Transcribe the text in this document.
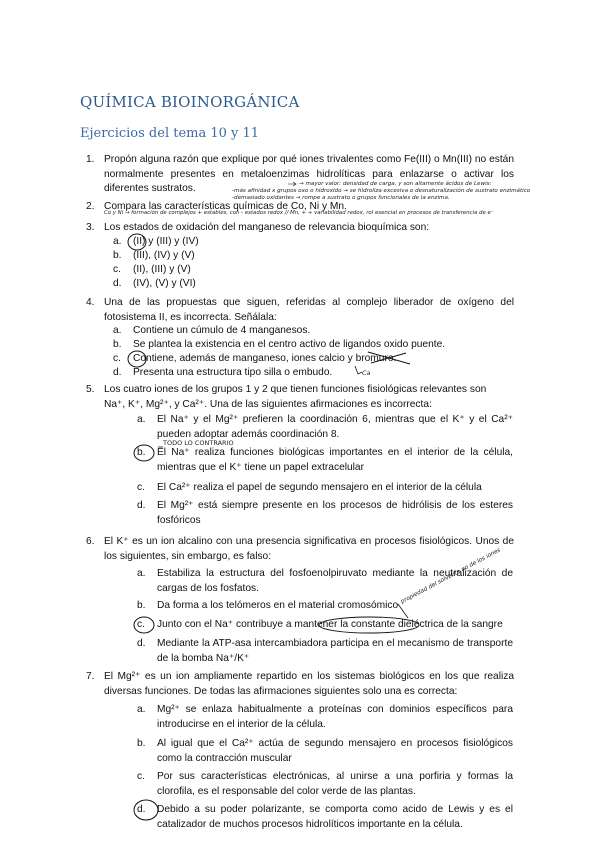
QUÍMICA BIOINORGÁNICA
Ejercicios del tema 10 y 11
1. Propón alguna razón que explique por qué iones trivalentes como Fe(III) o Mn(III) no están normalmente presentes en metaloenzimas hidrolíticas para enlazarse o activar los diferentes sustratos.	→ mayor valor: densidad de carga, y son altamente ácidos de Lewis:
-más afinidad x grupos oxo o hidroxido → se hidroliza excesiva o desnaturalización de sustrato enzimático
-demasiado oxidantes → rompe a sustrato o grupos funcionales de la enzima.
2. Compara las características químicas de Co, Ni y Mn.
Co y Ni → formación de complejos + estables, con - estados redox // Mn, + + variabilidad redox, rol esencial en procesos de transferencia de e⁻
3. Los estados de oxidación del manganeso de relevancia bioquímica son:
a. (II) y (III) y (IV)
b. (III), (IV) y (V)
c. (II), (III) y (V)
d. (IV), (V) y (VI)
4. Una de las propuestas que siguen, referidas al complejo liberador de oxígeno del fotosistema II, es incorrecta. Señálala:
a. Contiene un cúmulo de 4 manganesos.
b. Se plantea la existencia en el centro activo de ligandos oxido puente.
c. Contiene, además de manganeso, iones calcio y bromuro.
d. Presenta una estructura tipo silla o embudo.	Ca
5. Los cuatro iones de los grupos 1 y 2 que tienen funciones fisiológicas relevantes son
Na⁺, K⁺, Mg²⁺, y Ca²⁺. Una de las siguientes afirmaciones es incorrecta:
a. El Na⁺ y el Mg²⁺ prefieren la coordinación 6, mientras que el K⁺ y el Ca²⁺ pueden adoptar además coordinación 8.
TODO LO CONTRARIO
b. El Na⁺ realiza funciones biológicas importantes en el interior de la célula, mientras que el K⁺ tiene un papel extracelular
c. El Ca²⁺ realiza el papel de segundo mensajero en el interior de la célula
d. El Mg²⁺ está siempre presente en los procesos de hidrólisis de los esteres fosfóricos
6. El K⁺ es un ion alcalino con una presencia significativa en procesos fisiológicos. Unos de los siguientes, sin embargo, es falso:
a. Estabiliza la estructura del fosfoenolpiruvato mediante la neutralización de cargas de los fosfatos.
b. Da forma a los telómeros en el material cromosómico
c. Junto con el Na⁺ contribuye a mantener la constante dieléctrica de la sangre
d. Mediante la ATP-asa intercambiadora participa en el mecanismo de transporte de la bomba Na⁺/K⁺
propiedad del solvente no de los iones
7. El Mg²⁺ es un ion ampliamente repartido en los sistemas biológicos en los que realiza diversas funciones. De todas las afirmaciones siguientes solo una es correcta:
a. Mg²⁺ se enlaza habitualmente a proteínas con dominios específicos para introducirse en el interior de la célula.
b. Al igual que el Ca²⁺ actúa de segundo mensajero en procesos fisiológicos como la contracción muscular
c. Por sus características electrónicas, al unirse a una porfiria y formas la clorofila, es el responsable del color verde de las plantas.
d. Debido a su poder polarizante, se comporta como acido de Lewis y es el catalizador de muchos procesos hidrolíticos importante en la célula.
